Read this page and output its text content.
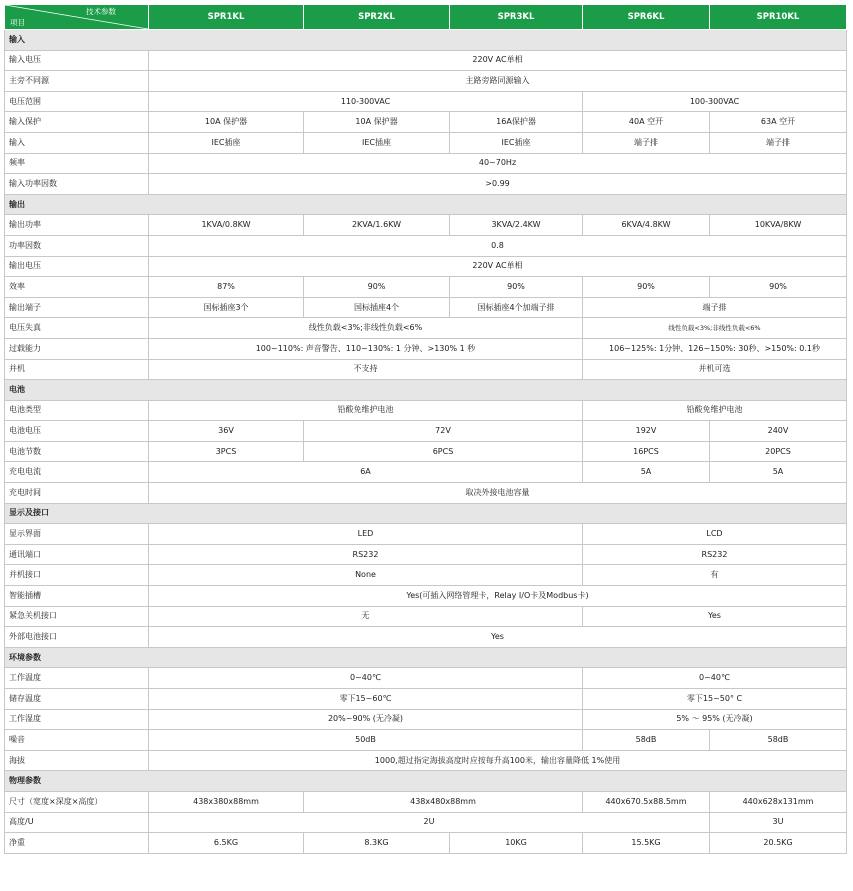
技术参数
项目	SPR1KL	SPR2KL	SPR3KL	SPR6KL	SPR10KL
输入					
输入电压	220V AC单相				
主旁不同源	主路旁路同源输入				
电压范围	110-300VAC			100-300VAC	
输入保护	10A 保护器	10A 保护器	16A保护器	40A 空开	63A 空开
输入	IEC插座	IEC插座	IEC插座	端子排	端子排
频率	40~70Hz				
输入功率因数	>0.99				
输出					
输出功率	1KVA/0.8KW	2KVA/1.6KW	3KVA/2.4KW	6KVA/4.8KW	10KVA/8KW
功率因数	0.8				
输出电压	220V AC单相				
效率	87%	90%	90%	90%	90%
输出端子	国标插座3个	国标插座4个	国标插座4个加端子排	端子排	
电压失真	线性负载<3%;非线性负载<6%			线性负载<3%;非线性负载<6%	
过载能力	100~110%: 声音警告、110~130%: 1 分钟、>130% 1 秒			106~125%: 1分钟、126~150%: 30秒、>150%: 0.1秒	
并机	不支持			并机可选	
电池					
电池类型	铅酸免维护电池			铅酸免维护电池	
电池电压	36V	72V		192V	240V
电池节数	3PCS	6PCS		16PCS	20PCS
充电电流	6A			5A	5A
充电时间	取决外接电池容量				
显示及接口					
显示界面	LED			LCD	
通讯端口	RS232			RS232	
并机接口	None			有	
智能插槽	Yes(可插入网络管理卡，Relay I/O卡及Modbus卡)				
紧急关机接口	无			Yes	
外部电池接口	Yes				
环境参数					
工作温度	0~40℃			0~40℃	
储存温度	零下15~60℃			零下15~50° C	
工作湿度	20%~90% (无冷凝)			5% ～ 95% (无冷凝)	
噪音	50dB			58dB	58dB
海拔	1000,超过指定海拔高度时应按每升高100米，输出容量降低 1%使用				
物理参数					
尺寸（宽度×深度×高度）	438x380x88mm	438x480x88mm		440x670.5x88.5mm	440x628x131mm
高度/U	2U				3U
净重	6.5KG	8.3KG	10KG	15.5KG	20.5KG
